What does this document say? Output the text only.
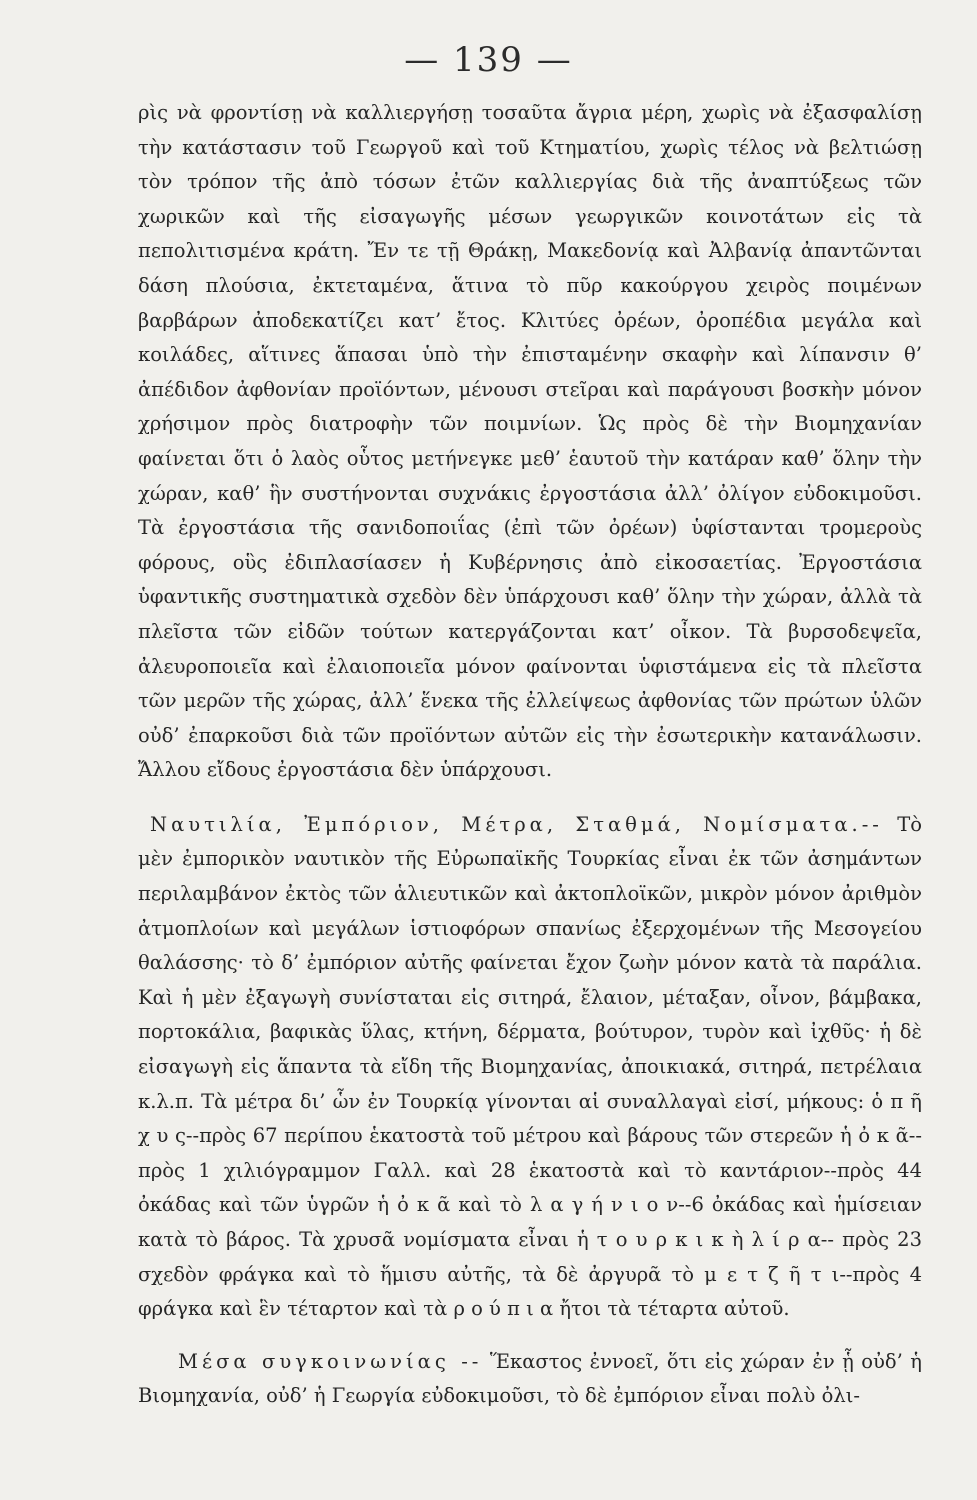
— 139 —

ρὶς νὰ φροντίσῃ νὰ καλλιεργήσῃ τοσαῦτα ἄγρια μέρη, χωρὶς νὰ ἐξασφαλίσῃ τὴν κατάστασιν τοῦ Γεωργοῦ καὶ τοῦ Κτηματίου, χωρὶς τέλος νὰ βελτιώσῃ τὸν τρόπον τῆς ἀπὸ τόσων ἐτῶν καλλιεργίας διὰ τῆς ἀναπτύξεως τῶν χωρικῶν καὶ τῆς εἰσαγωγῆς μέσων γεωργικῶν κοινοτάτων εἰς τὰ πεπολιτισμένα κράτη. Ἔν τε τῇ Θράκῃ, Μακεδονίᾳ καὶ Ἀλβανίᾳ ἀπαντῶνται δάση πλούσια, ἐκτεταμένα, ἅτινα τὸ πῦρ κακούργου χειρὸς ποιμένων βαρβάρων ἀποδεκατίζει κατ’ ἔτος. Κλιτύες ὀρέων, ὀροπέδια μεγάλα καὶ κοιλάδες, αἵτινες ἅπασαι ὑπὸ τὴν ἐπισταμένην σκαφὴν καὶ λίπανσιν θ’ ἀπέδιδον ἀφθονίαν προϊόντων, μένουσι στεῖραι καὶ παράγουσι βοσκὴν μόνον χρήσιμον πρὸς διατροφὴν τῶν ποιμνίων. Ὡς πρὸς δὲ τὴν Βιομηχανίαν φαίνεται ὅτι ὁ λαὸς οὗτος μετήνεγκε μεθ’ ἑαυτοῦ τὴν κατάραν καθ’ ὅλην τὴν χώραν, καθ’ ἣν συστήνονται συχνάκις ἐργοστάσια ἀλλ’ ὀλίγον εὐδοκιμοῦσι. Τὰ ἐργοστάσια τῆς σανιδοποιΐας (ἐπὶ τῶν ὀρέων) ὑφίστανται τρομεροὺς φόρους, οὓς ἐδιπλασίασεν ἡ Κυβέρνησις ἀπὸ εἰκοσαετίας. Ἐργοστάσια ὑφαντικῆς συστηματικὰ σχεδὸν δὲν ὑπάρχουσι καθ’ ὅλην τὴν χώραν, ἀλλὰ τὰ πλεῖστα τῶν εἰδῶν τούτων κατεργάζονται κατ’ οἶκον. Τὰ βυρσοδεψεῖα, ἀλευροποιεῖα καὶ ἐλαιοποιεῖα μόνον φαίνονται ὑφιστάμενα εἰς τὰ πλεῖστα τῶν μερῶν τῆς χώρας, ἀλλ’ ἕνεκα τῆς ἐλλείψεως ἀφθονίας τῶν πρώτων ὑλῶν οὐδ’ ἐπαρκοῦσι διὰ τῶν προϊόντων αὐτῶν εἰς τὴν ἐσωτερικὴν κατανάλωσιν. Ἄλλου εἴδους ἐργοστάσια δὲν ὑπάρχουσι.

Ναυτιλία, Ἐμπόριον, Μέτρα, Σταθμά, Νομίσματα.-- Τὸ μὲν ἐμπορικὸν ναυτικὸν τῆς Εὐρωπαϊκῆς Τουρκίας εἶναι ἐκ τῶν ἀσημάντων περιλαμβάνον ἐκτὸς τῶν ἁλιευτικῶν καὶ ἀκτοπλοϊκῶν, μικρὸν μόνον ἀριθμὸν ἀτμοπλοίων καὶ μεγάλων ἱστιοφόρων σπανίως ἐξερχομένων τῆς Μεσογείου θαλάσσης· τὸ δ’ ἐμπόριον αὐτῆς φαίνεται ἔχον ζωὴν μόνον κατὰ τὰ παράλια. Καὶ ἡ μὲν ἐξαγωγὴ συνίσταται εἰς σιτηρά, ἔλαιον, μέταξαν, οἶνον, βάμβακα, πορτοκάλια, βαφικὰς ὕλας, κτήνη, δέρματα, βούτυρον, τυρὸν καὶ ἰχθῦς· ἡ δὲ εἰσαγωγὴ εἰς ἅπαντα τὰ εἴδη τῆς Βιομηχανίας, ἀποικιακά, σιτηρά, πετρέλαια κ.λ.π. Τὰ μέτρα δι’ ὧν ἐν Τουρκίᾳ γίνονται αἱ συναλλαγαὶ εἰσί, μήκους: ὁ π ῆ χ υ ς--πρὸς 67 περίπου ἑκατοστὰ τοῦ μέτρου καὶ βάρους τῶν στερεῶν ἡ ὀ κ ᾶ--πρὸς 1 χιλιόγραμμον Γαλλ. καὶ 28 ἑκατοστὰ καὶ τὸ καντάριον--πρὸς 44 ὀκάδας καὶ τῶν ὑγρῶν ἡ ὀ κ ᾶ καὶ τὸ λ α γ ή ν ι ο ν--6 ὀκάδας καὶ ἡμίσειαν κατὰ τὸ βάρος. Τὰ χρυσᾶ νομίσματα εἶναι ἡ τ ο υ ρ κ ι κ ὴ λ ί ρ α-- πρὸς 23 σχεδὸν φράγκα καὶ τὸ ἥμισυ αὐτῆς, τὰ δὲ ἀργυρᾶ τὸ μ ε τ ζ ῆ τ ι--πρὸς 4 φράγκα καὶ ἓν τέταρτον καὶ τὰ ρ ο ύ π ι α ἤτοι τὰ τέταρτα αὐτοῦ.

Μέσα συγκοινωνίας -- Ἕκαστος ἐννοεῖ, ὅτι εἰς χώραν ἐν ᾗ οὐδ’ ἡ Βιομηχανία, οὐδ’ ἡ Γεωργία εὐδοκιμοῦσι, τὸ δὲ ἐμπόριον εἶναι πολὺ ὀλι-
